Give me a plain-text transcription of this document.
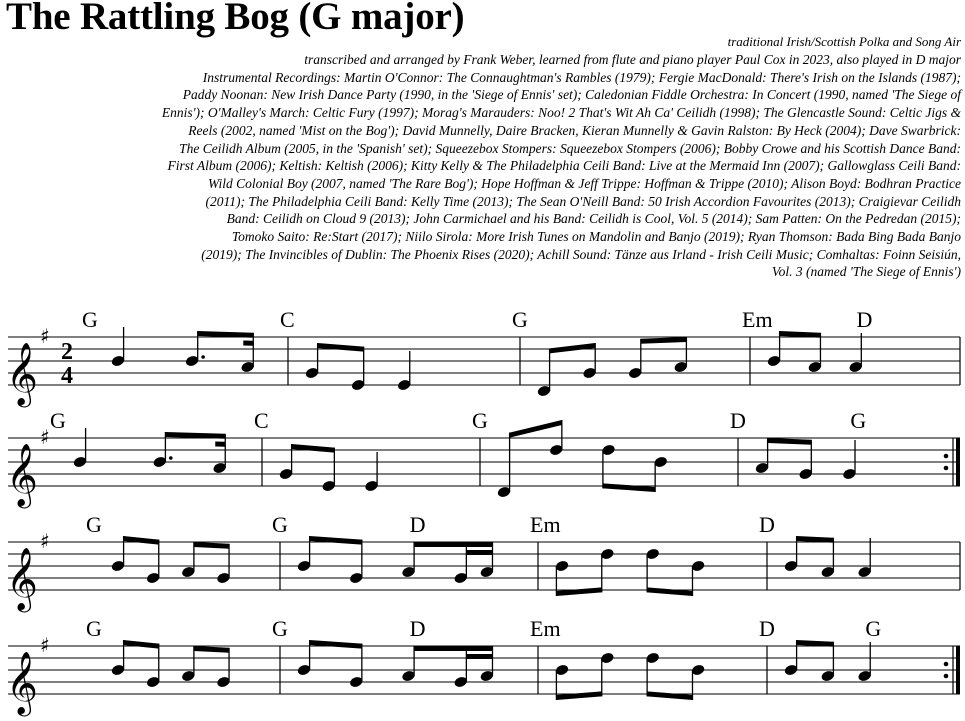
The Rattling Bog (G major)
traditional Irish/Scottish Polka and Song Air
transcribed and arranged by Frank Weber, learned from flute and piano player Paul Cox in 2023, also played in D major
Instrumental Recordings: Martin O'Connor: The Connaughtman's Rambles (1979); Fergie MacDonald: There's Irish on the Islands (1987);
Paddy Noonan: New Irish Dance Party (1990, in the 'Siege of Ennis' set); Caledonian Fiddle Orchestra: In Concert (1990, named 'The Siege of
Ennis'); O'Malley's March: Celtic Fury (1997); Morag's Marauders: Noo! 2 That's Wit Ah Ca' Ceilidh (1998); The Glencastle Sound: Celtic Jigs &
Reels (2002, named 'Mist on the Bog'); David Munnelly, Daire Bracken, Kieran Munnelly & Gavin Ralston: By Heck (2004); Dave Swarbrick:
The Ceilidh Album (2005, in the 'Spanish' set); Squeezebox Stompers: Squeezebox Stompers (2006); Bobby Crowe and his Scottish Dance Band:
First Album (2006); Keltish: Keltish (2006); Kitty Kelly & The Philadelphia Ceili Band: Live at the Mermaid Inn (2007); Gallowglass Ceili Band:
Wild Colonial Boy (2007, named 'The Rare Bog'); Hope Hoffman & Jeff Trippe: Hoffman & Trippe (2010); Alison Boyd: Bodhran Practice
(2011); The Philadelphia Ceili Band: Kelly Time (2013); The Sean O'Neill Band: 50 Irish Accordion Favourites (2013); Craigievar Ceilidh
Band: Ceilidh on Cloud 9 (2013); John Carmichael and his Band: Ceilidh is Cool, Vol. 5 (2014); Sam Patten: On the Pedredan (2015);
Tomoko Saito: Re:Start (2017); Niilo Sirola: More Irish Tunes on Mandolin and Banjo (2019); Ryan Thomson: Bada Bing Bada Banjo
(2019); The Invincibles of Dublin: The Phoenix Rises (2020); Achill Sound: Tänze aus Irland - Irish Ceili Music; Comhaltas: Foinn Seisiún,
Vol. 3 (named 'The Siege of Ennis')
𝄞
♯
2
4
G	C	G	Em	D
𝄞
♯
G	C	G	D	G
𝄞
♯
G	G	D	Em	D
𝄞
♯
G	G	D	Em	D	G
